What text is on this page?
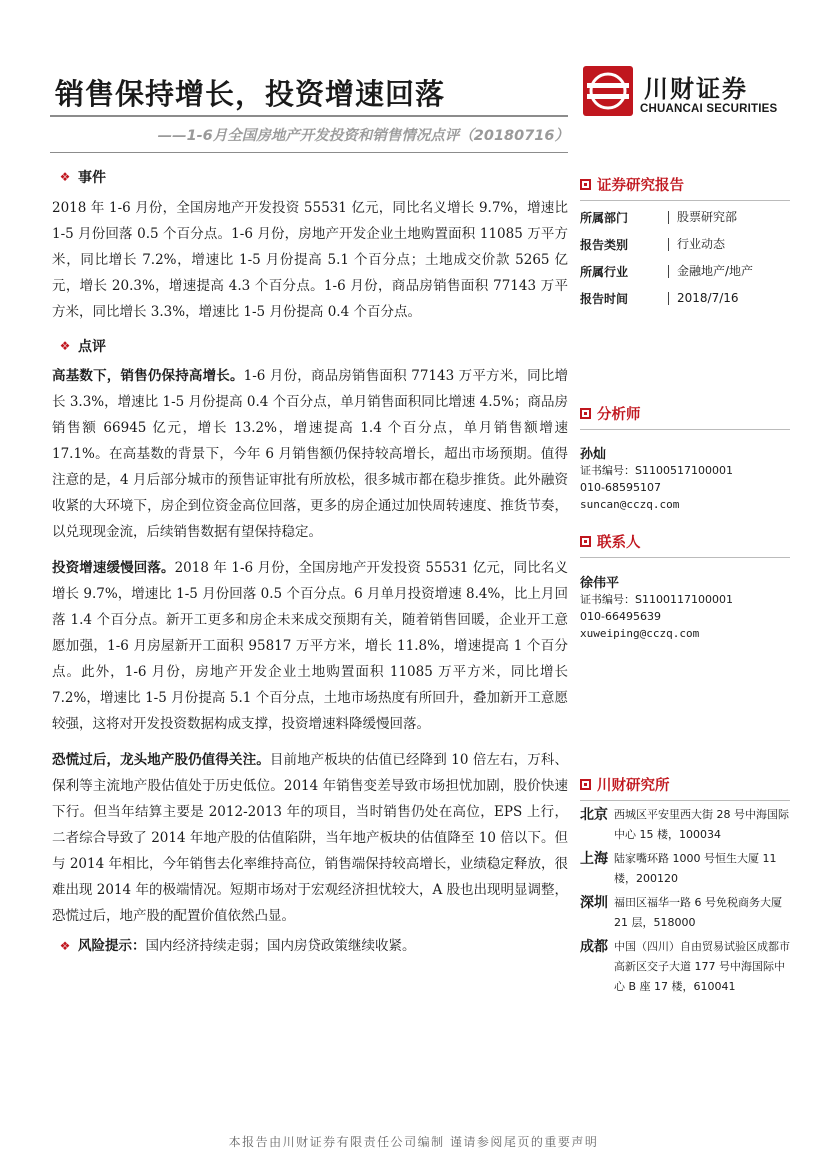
销售保持增长，投资增速回落
——1-6月全国房地产开发投资和销售情况点评（20180716）
川财证券
CHUANCAI SECURITIES
❖ 事件

2018 年 1-6 月份，全国房地产开发投资 55531 亿元，同比名义增长 9.7%，增速比 1-5 月份回落 0.5 个百分点。1-6 月份，房地产开发企业土地购置面积 11085 万平方米，同比增长 7.2%，增速比 1-5 月份提高 5.1 个百分点；土地成交价款 5265 亿元，增长 20.3%，增速提高 4.3 个百分点。1-6 月份，商品房销售面积 77143 万平方米，同比增长 3.3%，增速比 1-5 月份提高 0.4 个百分点。

❖ 点评

高基数下，销售仍保持高增长。1-6 月份，商品房销售面积 77143 万平方米，同比增长 3.3%，增速比 1-5 月份提高 0.4 个百分点，单月销售面积同比增速 4.5%；商品房销售额 66945 亿元，增长 13.2%，增速提高 1.4 个百分点，单月销售额增速 17.1%。在高基数的背景下，今年 6 月销售额仍保持较高增长，超出市场预期。值得注意的是，4 月后部分城市的预售证审批有所放松，很多城市都在稳步推货。此外融资收紧的大环境下，房企到位资金高位回落，更多的房企通过加快周转速度、推货节奏，以兑现现金流，后续销售数据有望保持稳定。

投资增速缓慢回落。2018 年 1-6 月份，全国房地产开发投资 55531 亿元，同比名义增长 9.7%，增速比 1-5 月份回落 0.5 个百分点。6 月单月投资增速 8.4%，比上月回落 1.4 个百分点。新开工更多和房企未来成交预期有关，随着销售回暖，企业开工意愿加强，1-6 月房屋新开工面积 95817 万平方米，增长 11.8%，增速提高 1 个百分点。此外，1-6 月份，房地产开发企业土地购置面积 11085 万平方米，同比增长 7.2%，增速比 1-5 月份提高 5.1 个百分点，土地市场热度有所回升，叠加新开工意愿较强，这将对开发投资数据构成支撑，投资增速料降缓慢回落。

恐慌过后，龙头地产股仍值得关注。目前地产板块的估值已经降到 10 倍左右，万科、保利等主流地产股估值处于历史低位。2014 年销售变差导致市场担忧加剧，股价快速下行。但当年结算主要是 2012-2013 年的项目，当时销售仍处在高位，EPS 上行，二者综合导致了 2014 年地产股的估值陷阱，当年地产板块的估值降至 10 倍以下。但与 2014 年相比，今年销售去化率维持高位，销售端保持较高增长，业绩稳定释放，很难出现 2014 年的极端情况。短期市场对于宏观经济担忧较大，A 股也出现明显调整，恐慌过后，地产股的配置价值依然凸显。

❖ 风险提示： 国内经济持续走弱；国内房贷政策继续收紧。
证券研究报告
所属部门	股票研究部
报告类别	行业动态
所属行业	金融地产/地产
报告时间	2018/7/16
分析师
孙灿
证书编号：S1100517100001
010-68595107
suncan@cczq.com
联系人
徐伟平
证书编号：S1100117100001
010-66495639
xuweiping@cczq.com
川财研究所
北京 西城区平安里西大街 28 号中海国际中心 15 楼，100034
上海 陆家嘴环路 1000 号恒生大厦 11 楼，200120
深圳 福田区福华一路 6 号免税商务大厦 21 层，518000
成都 中国（四川）自由贸易试验区成都市高新区交子大道 177 号中海国际中心 B 座 17 楼，610041
本报告由川财证券有限责任公司编制 谨请参阅尾页的重要声明
